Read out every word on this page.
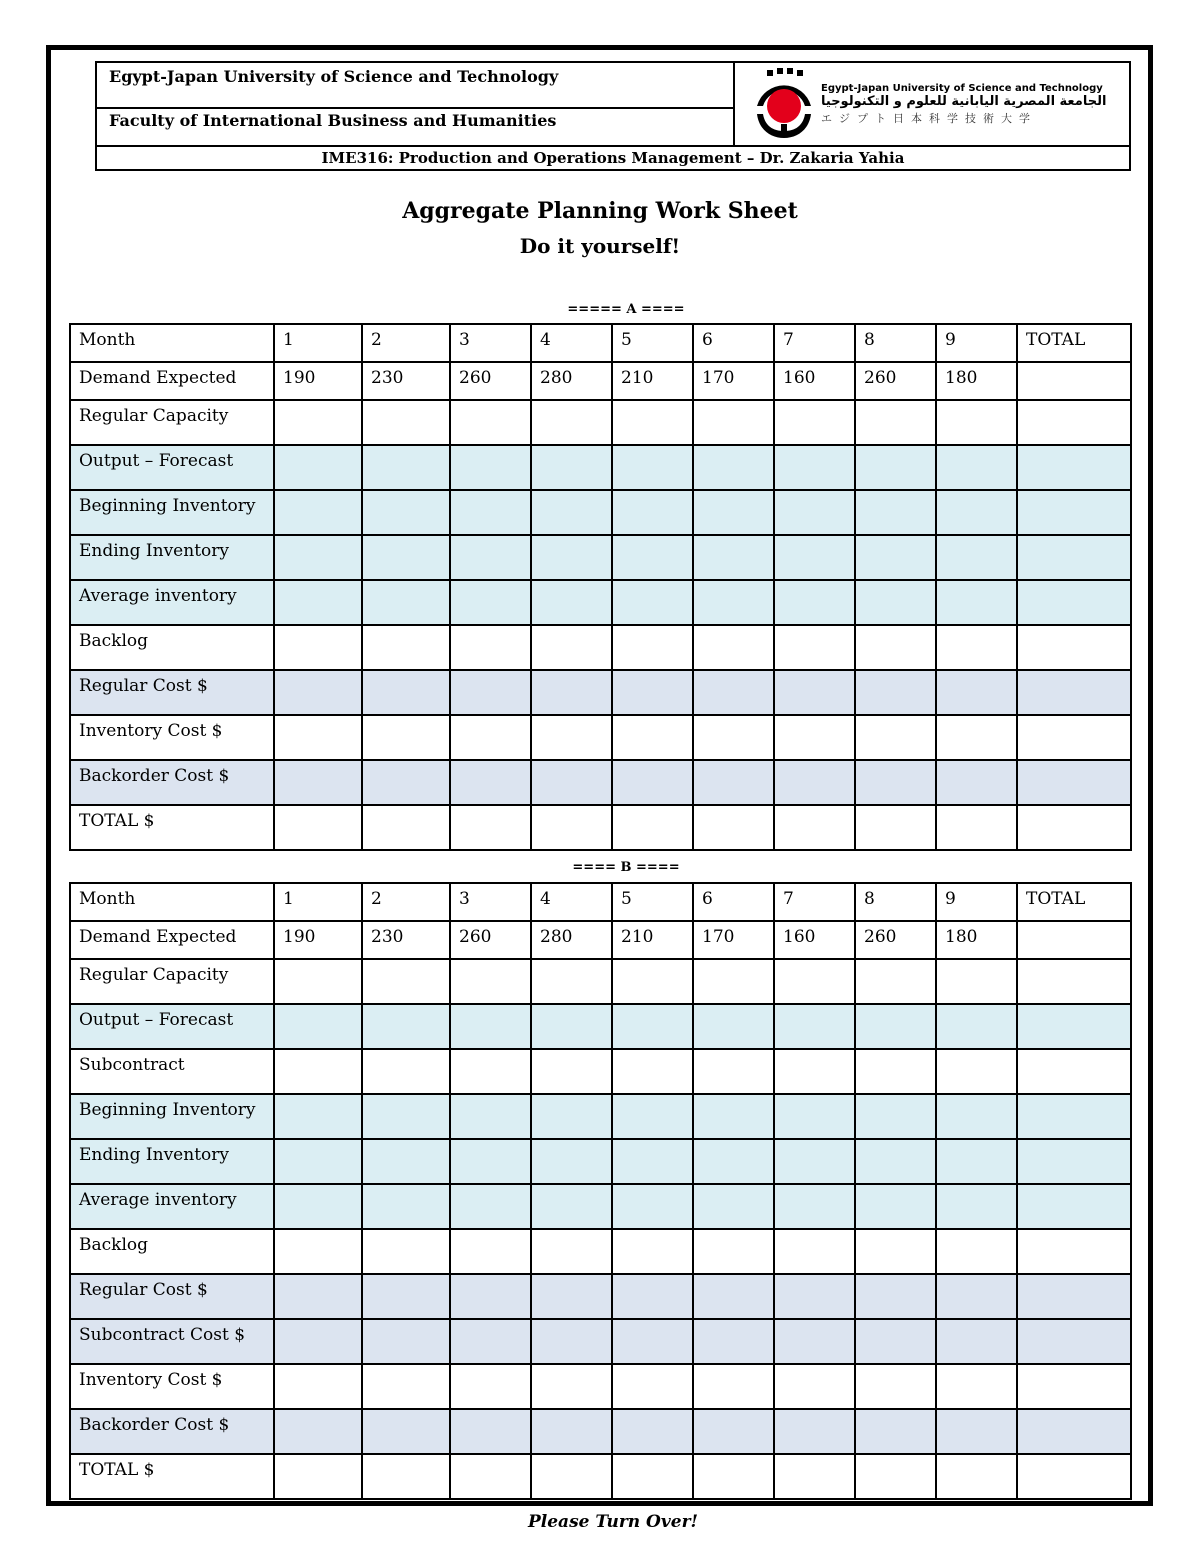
Egypt-Japan University of Science and Technology
Faculty of International Business and Humanities
Egypt-Japan University of Science and Technology
الجامعة المصرية اليابانية للعلوم و التكنولوجيا
エジプト日本科学技術大学
IME316: Production and Operations Management – Dr. Zakaria Yahia
Aggregate Planning Work Sheet
Do it yourself!
===== A ====
Month	1	2	3	4	5	6	7	8	9	TOTAL
Demand Expected	190	230	260	280	210	170	160	260	180	
Regular Capacity										
Output – Forecast										
Beginning Inventory										
Ending Inventory										
Average inventory										
Backlog										
Regular Cost $										
Inventory Cost $										
Backorder Cost $										
TOTAL $										
==== B ====
Month	1	2	3	4	5	6	7	8	9	TOTAL
Demand Expected	190	230	260	280	210	170	160	260	180	
Regular Capacity										
Output – Forecast										
Subcontract										
Beginning Inventory										
Ending Inventory										
Average inventory										
Backlog										
Regular Cost $										
Subcontract Cost $										
Inventory Cost $										
Backorder Cost $										
TOTAL $										
Please Turn Over!
